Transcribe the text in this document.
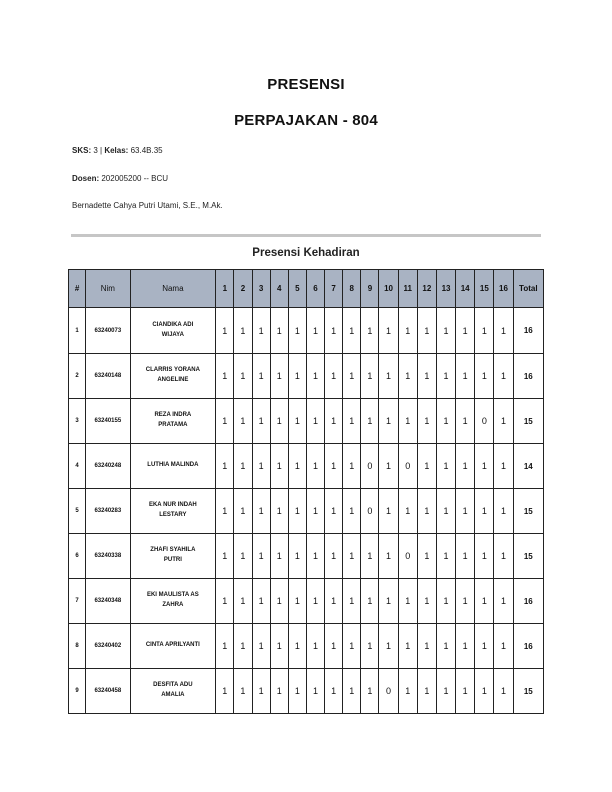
PRESENSI
PERPAJAKAN - 804
SKS: 3 | Kelas: 63.4B.35
Dosen: 202005200 -- BCU
Bernadette Cahya Putri Utami, S.E., M.Ak.
Presensi Kehadiran
#	Nim	Nama	1	2	3	4	5	6	7	8	9	10	11	12	13	14	15	16	Total
1	63240073	CIANDIKA ADI
WIJAYA	1	1	1	1	1	1	1	1	1	1	1	1	1	1	1	1	16
2	63240148	CLARRIS YORANA
ANGELINE	1	1	1	1	1	1	1	1	1	1	1	1	1	1	1	1	16
3	63240155	REZA INDRA
PRATAMA	1	1	1	1	1	1	1	1	1	1	1	1	1	1	0	1	15
4	63240248	LUTHIA MALINDA	1	1	1	1	1	1	1	1	0	1	0	1	1	1	1	1	14
5	63240283	EKA NUR INDAH
LESTARY	1	1	1	1	1	1	1	1	0	1	1	1	1	1	1	1	15
6	63240338	ZHAFI SYAHILA
PUTRI	1	1	1	1	1	1	1	1	1	1	0	1	1	1	1	1	15
7	63240348	EKI MAULISTA AS
ZAHRA	1	1	1	1	1	1	1	1	1	1	1	1	1	1	1	1	16
8	63240402	CINTA APRILYANTI	1	1	1	1	1	1	1	1	1	1	1	1	1	1	1	1	16
9	63240458	DESFITA ADU
AMALIA	1	1	1	1	1	1	1	1	1	0	1	1	1	1	1	1	15
